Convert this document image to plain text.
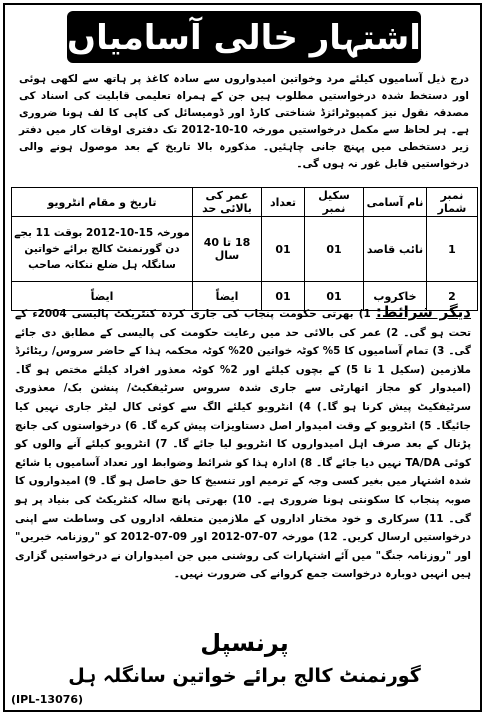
اشتہار خالی آسامیاں
درج ذیل آسامیوں کیلئے مرد وخواتین امیدواروں سے سادہ کاغذ پر ہاتھ سے لکھی ہوئی اور دستخط شدہ درخواستیں مطلوب ہیں جن کے ہمراہ تعلیمی قابلیت کی اسناد کی مصدقہ نقول نیز کمپیوٹرائزڈ شناختی کارڈ اور ڈومیسائل کی کاپی کا لف ہونا ضروری ہے۔ ہر لحاظ سے مکمل درخواستیں مورخہ 10-10-2012 تک دفتری اوقات کار میں دفتر زیر دستخطی میں پہنچ جانی چاہئیں۔ مذکورہ بالا تاریخ کے بعد موصول ہونے والی درخواستیں قابل غور نہ ہوں گی۔
نمبر شمار	نام آسامی	سکیل نمبر	تعداد	عمر کی بالائی حد	تاریخ و مقام انٹرویو
1	نائب قاصد	01	01	18 تا 40 سال	مورخہ 15-10-2012 بوقت 11 بجے دن گورنمنٹ کالج برائے خواتین سانگلہ ہل ضلع ننکانہ صاحب
2	خاکروب	01	01	ایضاً	ایضاً
دیگر شرائط: 1) بھرتی حکومت پنجاب کی جاری کردہ کنٹریکٹ پالیسی 2004ء کے تحت ہو گی۔ 2) عمر کی بالائی حد میں رعایت حکومت کی پالیسی کے مطابق دی جائے گی۔ 3) تمام آسامیوں کا 5% کوٹہ خواتین 20% کوٹہ محکمہ ہذا کے حاضر سروس/ ریٹائرڈ ملازمین (سکیل 1 تا 5) کے بچوں کیلئے اور 2% کوٹہ معذور افراد کیلئے مختص ہو گا۔ (امیدوار کو مجاز اتھارٹی سے جاری شدہ سروس سرٹیفکیٹ/ پنشن بک/ معذوری سرٹیفکیٹ پیش کرنا ہو گا۔) 4) انٹرویو کیلئے الگ سے کوئی کال لیٹر جاری نہیں کیا جائیگا۔ 5) انٹرویو کے وقت امیدوار اصل دستاویزات پیش کرے گا۔ 6) درخواستوں کی جانچ پڑتال کے بعد صرف اہل امیدواروں کا انٹرویو لیا جائے گا۔ 7) انٹرویو کیلئے آنے والوں کو کوئی TA/DA نہیں دیا جائے گا۔ 8) ادارہ ہذا کو شرائط وضوابط اور تعداد آسامیوں یا شائع شدہ اشتہار میں بغیر کسی وجہ کے ترمیم اور تنسیخ کا حق حاصل ہو گا۔ 9) امیدواروں کا صوبہ پنجاب کا سکونتی ہونا ضروری ہے۔ 10) بھرتی پانچ سالہ کنٹریکٹ کی بنیاد پر ہو گی۔ 11) سرکاری و خود مختار اداروں کے ملازمین متعلقہ اداروں کی وساطت سے اپنی درخواستیں ارسال کریں۔ 12) مورخہ 07-07-2012 اور 09-07-2012 کو "روزنامہ خبریں" اور "روزنامہ جنگ" میں آئے اشتہارات کی روشنی میں جن امیدواران نے درخواستیں گزاری ہیں انہیں دوبارہ درخواست جمع کروانے کی ضرورت نہیں۔
پرنسپل
گورنمنٹ کالج برائے خواتین سانگلہ ہل
(IPL-13076)
